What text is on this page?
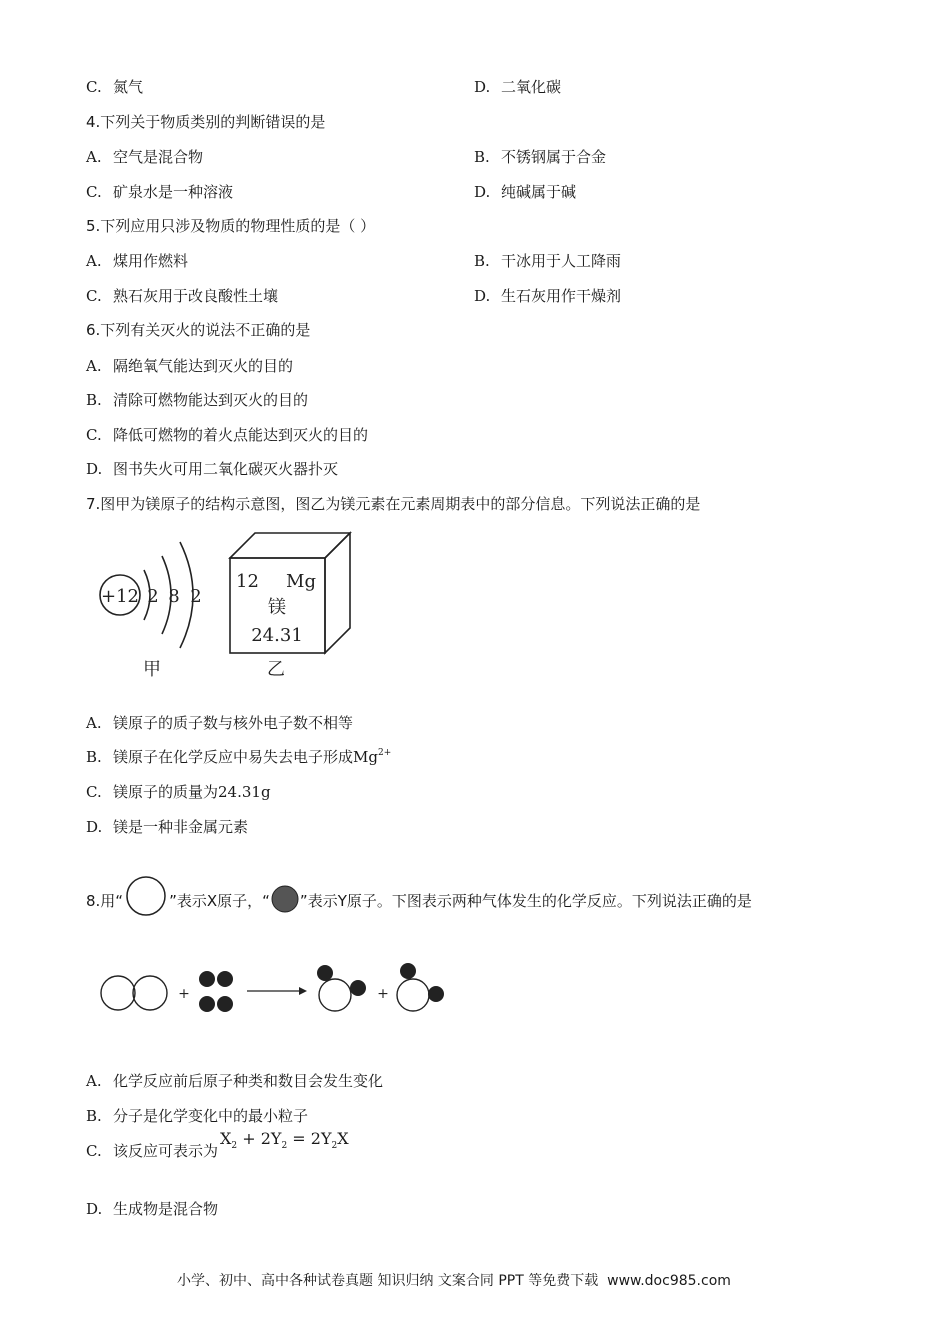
C. 氮气	D. 二氧化碳
4.下列关于物质类别的判断错误的是
A. 空气是混合物	B. 不锈钢属于合金
C. 矿泉水是一种溶液	D. 纯碱属于碱
5.下列应用只涉及物质的物理性质的是（ ）
A. 煤用作燃料	B. 干冰用于人工降雨
C. 熟石灰用于改良酸性土壤	D. 生石灰用作干燥剂
6.下列有关灭火的说法不正确的是
A. 隔绝氧气能达到灭火的目的
B. 清除可燃物能达到灭火的目的
C. 降低可燃物的着火点能达到灭火的目的
D. 图书失火可用二氧化碳灭火器扑灭
7.图甲为镁原子的结构示意图，图乙为镁元素在元素周期表中的部分信息。下列说法正确的是
+12 2 8 2
甲
12 Mg
镁
24.31
乙
A. 镁原子的质子数与核外电子数不相等
B. 镁原子在化学反应中易失去电子形成$Mg^{2+}$
C. 镁原子的质量为24.31g
D. 镁是一种非金属元素
8.用“	”表示X原子，“ ”表示Y原子。下图表示两种气体发生的化学反应。下列说法正确的是
+	+
A. 化学反应前后原子种类和数目会发生变化
B. 分子是化学变化中的最小粒子
C. 该反应可表示为$X_2 + 2Y_2 = 2Y_2X$
D. 生成物是混合物
小学、初中、高中各种试卷真题 知识归纳 文案合同 PPT 等免费下载 www.doc985.com
